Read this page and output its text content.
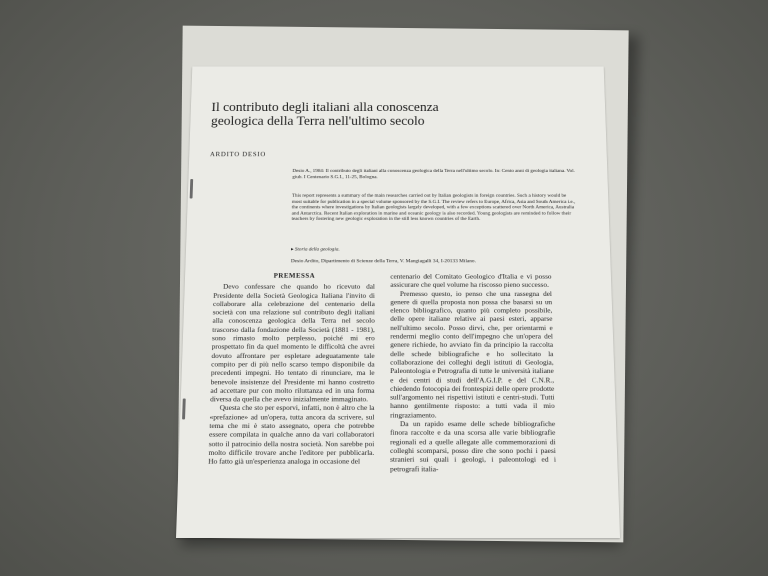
Il contributo degli italiani alla conoscenza geologica della Terra nell'ultimo secolo
ARDITO DESIO
Desio A., 1984: Il contributo degli italiani alla conoscenza geologica della Terra nell'ultimo secolo. In: Cento anni di geologia italiana. Vol. giub. I Centenario S.G.I., 11-25, Bologna.
This report represents a summary of the main researches carried out by Italian geologists in foreign countries. Such a history would be most suitable for publication in a special volume sponsored by the S.G.I. The review refers to Europe, Africa, Asia and South America i.e., the continents where investigations by Italian geologists largely developed, with a few exceptions scattered over North America, Australia and Antarctica. Recent Italian exploration in marine and oceanic geology is also recorded. Young geologists are reminded to follow their teachers by fostering new geologic exploration in the still less known countries of the Earth.
▸ Storia della geologia.
Desio Ardito, Dipartimento di Scienze della Terra, V. Mangiagalli 34, I-20133 Milano.
PREMESSA

Devo confessare che quando ho ricevuto dal Presidente della Società Geologica Italiana l'invito di collaborare alla celebrazione del centenario della società con una relazione sul contributo degli italiani alla conoscenza geologica della Terra nel secolo trascorso dalla fondazione della Società (1881 - 1981), sono rimasto molto perplesso, poiché mi ero prospettato fin da quel momento le difficoltà che avrei dovuto affrontare per espletare adeguatamente tale compito per di più nello scarso tempo disponibile da precedenti impegni. Ho tentato di rinunciare, ma le benevole insistenze del Presidente mi hanno costretto ad accettare pur con molto riluttanza ed in una forma diversa da quella che avevo inizialmente immaginato.

Questa che sto per esporvi, infatti, non è altro che la «prefazione» ad un'opera, tutta ancora da scrivere, sul tema che mi è stato assegnato, opera che potrebbe essere compilata in qualche anno da vari collaboratori sotto il patrocinio della nostra società. Non sarebbe poi molto difficile trovare anche l'editore per pubblicarla. Ho fatto già un'esperienza analoga in occasione del

centenario del Comitato Geologico d'Italia e vi posso assicurare che quel volume ha riscosso pieno successo.

Premesso questo, io penso che una rassegna del genere di quella proposta non possa che basarsi su un elenco bibliografico, quanto più completo possibile, delle opere italiane relative ai paesi esteri, apparse nell'ultimo secolo. Posso dirvi, che, per orientarmi e rendermi meglio conto dell'impegno che un'opera del genere richiede, ho avviato fin da principio la raccolta delle schede bibliografiche e ho sollecitato la collaborazione dei colleghi degli istituti di Geologia, Paleontologia e Petrografia di tutte le università italiane e dei centri di studi dell'A.G.I.P. e del C.N.R., chiedendo fotocopia dei frontespizi delle opere prodotte sull'argomento nei rispettivi istituti e centri-studi. Tutti hanno gentilmente risposto: a tutti vada il mio ringraziamento.

Da un rapido esame delle schede bibliografiche finora raccolte e da una scorsa alle varie bibliografie regionali ed a quelle allegate alle commemorazioni di colleghi scomparsi, posso dire che sono pochi i paesi stranieri sui quali i geologi, i paleontologi ed i petrografi italia-
